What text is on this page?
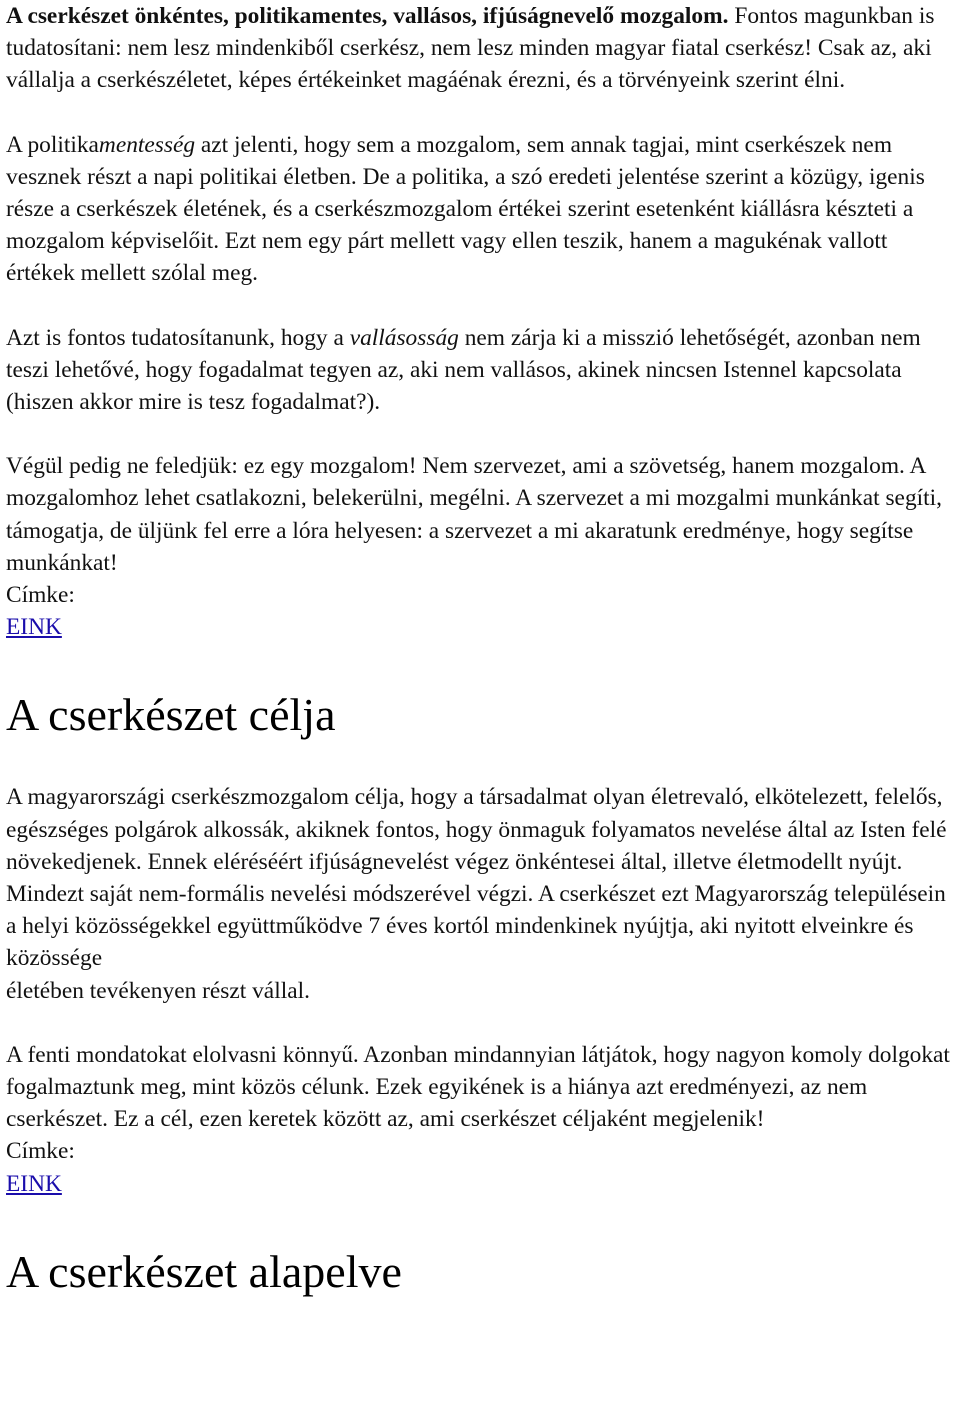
A cserkészet önkéntes, politikamentes, vallásos, ifjúságnevelő mozgalom. Fontos magunkban is tudatosítani: nem lesz mindenkiből cserkész, nem lesz minden magyar fiatal cserkész! Csak az, aki vállalja a cserkészéletet, képes értékeinket magáénak érezni, és a törvényeink szerint élni.

A politikamentesség azt jelenti, hogy sem a mozgalom, sem annak tagjai, mint cserkészek nem vesznek részt a napi politikai életben. De a politika, a szó eredeti jelentése szerint a közügy, igenis része a cserkészek életének, és a cserkészmozgalom értékei szerint esetenként kiállásra készteti a mozgalom képviselőit. Ezt nem egy párt mellett vagy ellen teszik, hanem a magukénak vallott értékek mellett szólal meg.

Azt is fontos tudatosítanunk, hogy a vallásosság nem zárja ki a misszió lehetőségét, azonban nem teszi lehetővé, hogy fogadalmat tegyen az, aki nem vallásos, akinek nincsen Istennel kapcsolata (hiszen akkor mire is tesz fogadalmat?).

Végül pedig ne feledjük: ez egy mozgalom! Nem szervezet, ami a szövetség, hanem mozgalom. A mozgalomhoz lehet csatlakozni, belekerülni, megélni. A szervezet a mi mozgalmi munkánkat segíti, támogatja, de üljünk fel erre a lóra helyesen: a szervezet a mi akaratunk eredménye, hogy segítse munkánkat!

Címke:
EINK
A cserkészet célja

A magyarországi cserkészmozgalom célja, hogy a társadalmat olyan életrevaló, elkötelezett, felelős, egészséges polgárok alkossák, akiknek fontos, hogy önmaguk folyamatos nevelése által az Isten felé növekedjenek. Ennek eléréséért ifjúságnevelést végez önkéntesei által, illetve életmodellt nyújt. Mindezt saját nem-formális nevelési módszerével végzi. A cserkészet ezt Magyarország településein a helyi közösségekkel együttműködve 7 éves kortól mindenkinek nyújtja, aki nyitott elveinkre és közössége

életében tevékenyen részt vállal.

A fenti mondatokat elolvasni könnyű. Azonban mindannyian látjátok, hogy nagyon komoly dolgokat fogalmaztunk meg, mint közös célunk. Ezek egyikének is a hiánya azt eredményezi, az nem cserkészet. Ez a cél, ezen keretek között az, ami cserkészet céljaként megjelenik!

Címke:
EINK
A cserkészet alapelve
